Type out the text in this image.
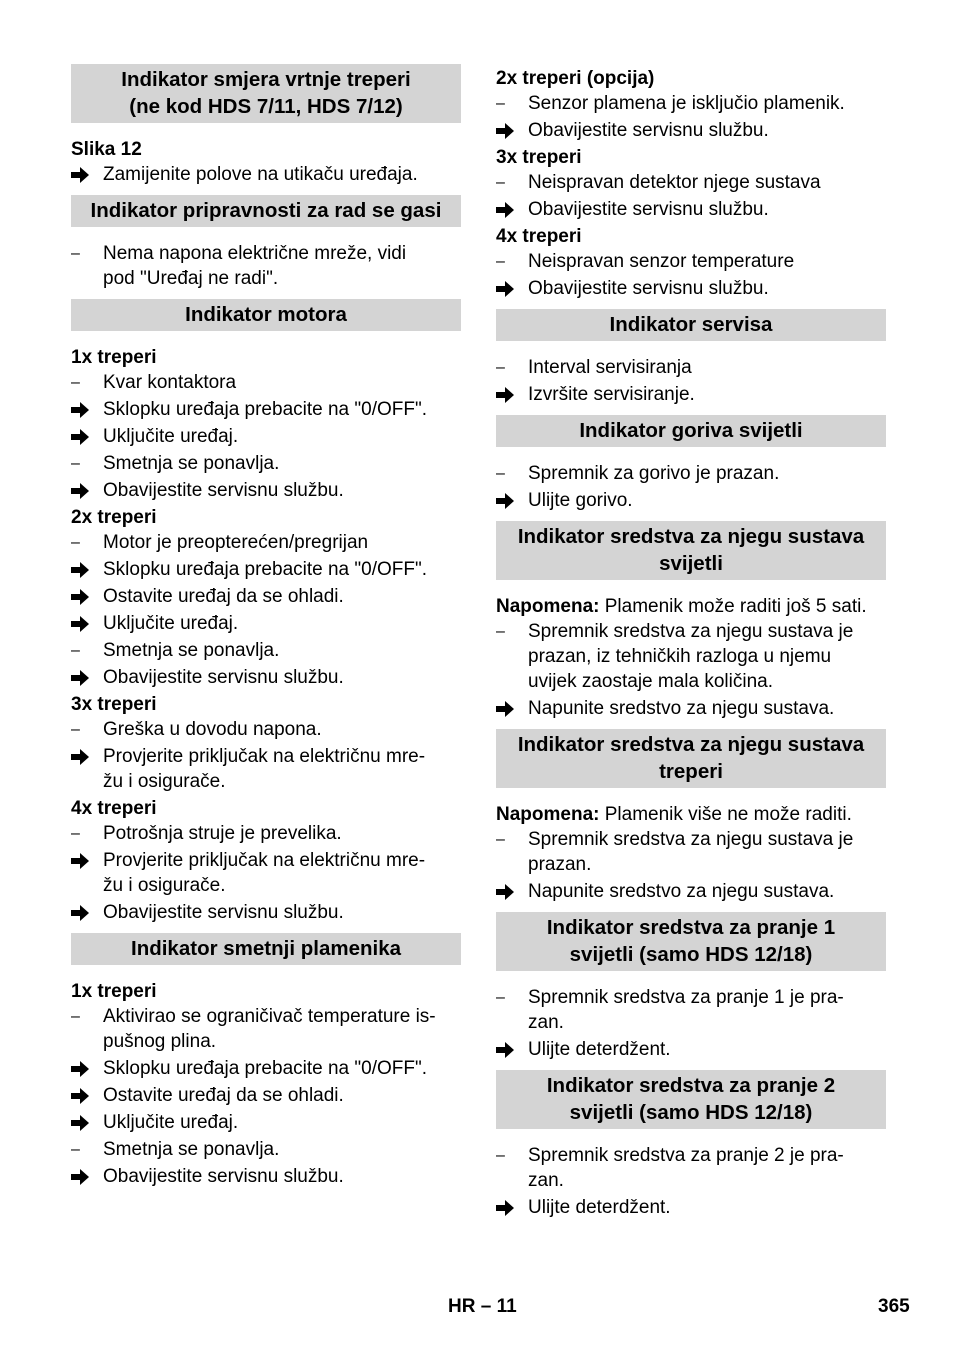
Indikator smjera vrtnje treperi
(ne kod HDS 7/11, HDS 7/12)
Slika 12
Zamijenite polove na utikaču uređaja.
Indikator pripravnosti za rad se gasi
–	Nema napona električne mreže, vidi
pod "Uređaj ne radi".
Indikator motora
1x treperi
–	Kvar kontaktora
Sklopku uređaja prebacite na "0/OFF".
Uključite uređaj.
–	Smetnja se ponavlja.
Obavijestite servisnu službu.
2x treperi
–	Motor je preopterećen/pregrijan
Sklopku uređaja prebacite na "0/OFF".
Ostavite uređaj da se ohladi.
Uključite uređaj.
–	Smetnja se ponavlja.
Obavijestite servisnu službu.
3x treperi
–	Greška u dovodu napona.
Provjerite priključak na električnu mre-
žu i osigurače.
4x treperi
–	Potrošnja struje je prevelika.
Provjerite priključak na električnu mre-
žu i osigurače.
Obavijestite servisnu službu.
Indikator smetnji plamenika
1x treperi
–	Aktivirao se ograničivač temperature is-
pušnog plina.
Sklopku uređaja prebacite na "0/OFF".
Ostavite uređaj da se ohladi.
Uključite uređaj.
–	Smetnja se ponavlja.
Obavijestite servisnu službu.
2x treperi (opcija)
–	Senzor plamena je isključio plamenik.
Obavijestite servisnu službu.
3x treperi
–	Neispravan detektor njege sustava
Obavijestite servisnu službu.
4x treperi
–	Neispravan senzor temperature
Obavijestite servisnu službu.
Indikator servisa
–	Interval servisiranja
Izvršite servisiranje.
Indikator goriva svijetli
–	Spremnik za gorivo je prazan.
Ulijte gorivo.
Indikator sredstva za njegu sustava
svijetli
Napomena: Plamenik može raditi još 5 sati.
–	Spremnik sredstva za njegu sustava je
prazan, iz tehničkih razloga u njemu
uvijek zaostaje mala količina.
Napunite sredstvo za njegu sustava.
Indikator sredstva za njegu sustava
treperi
Napomena: Plamenik više ne može raditi.
–	Spremnik sredstva za njegu sustava je
prazan.
Napunite sredstvo za njegu sustava.
Indikator sredstva za pranje 1
svijetli (samo HDS 12/18)
–	Spremnik sredstva za pranje 1 je pra-
zan.
Ulijte deterdžent.
Indikator sredstva za pranje 2
svijetli (samo HDS 12/18)
–	Spremnik sredstva za pranje 2 je pra-
zan.
Ulijte deterdžent.
HR – 11	365
